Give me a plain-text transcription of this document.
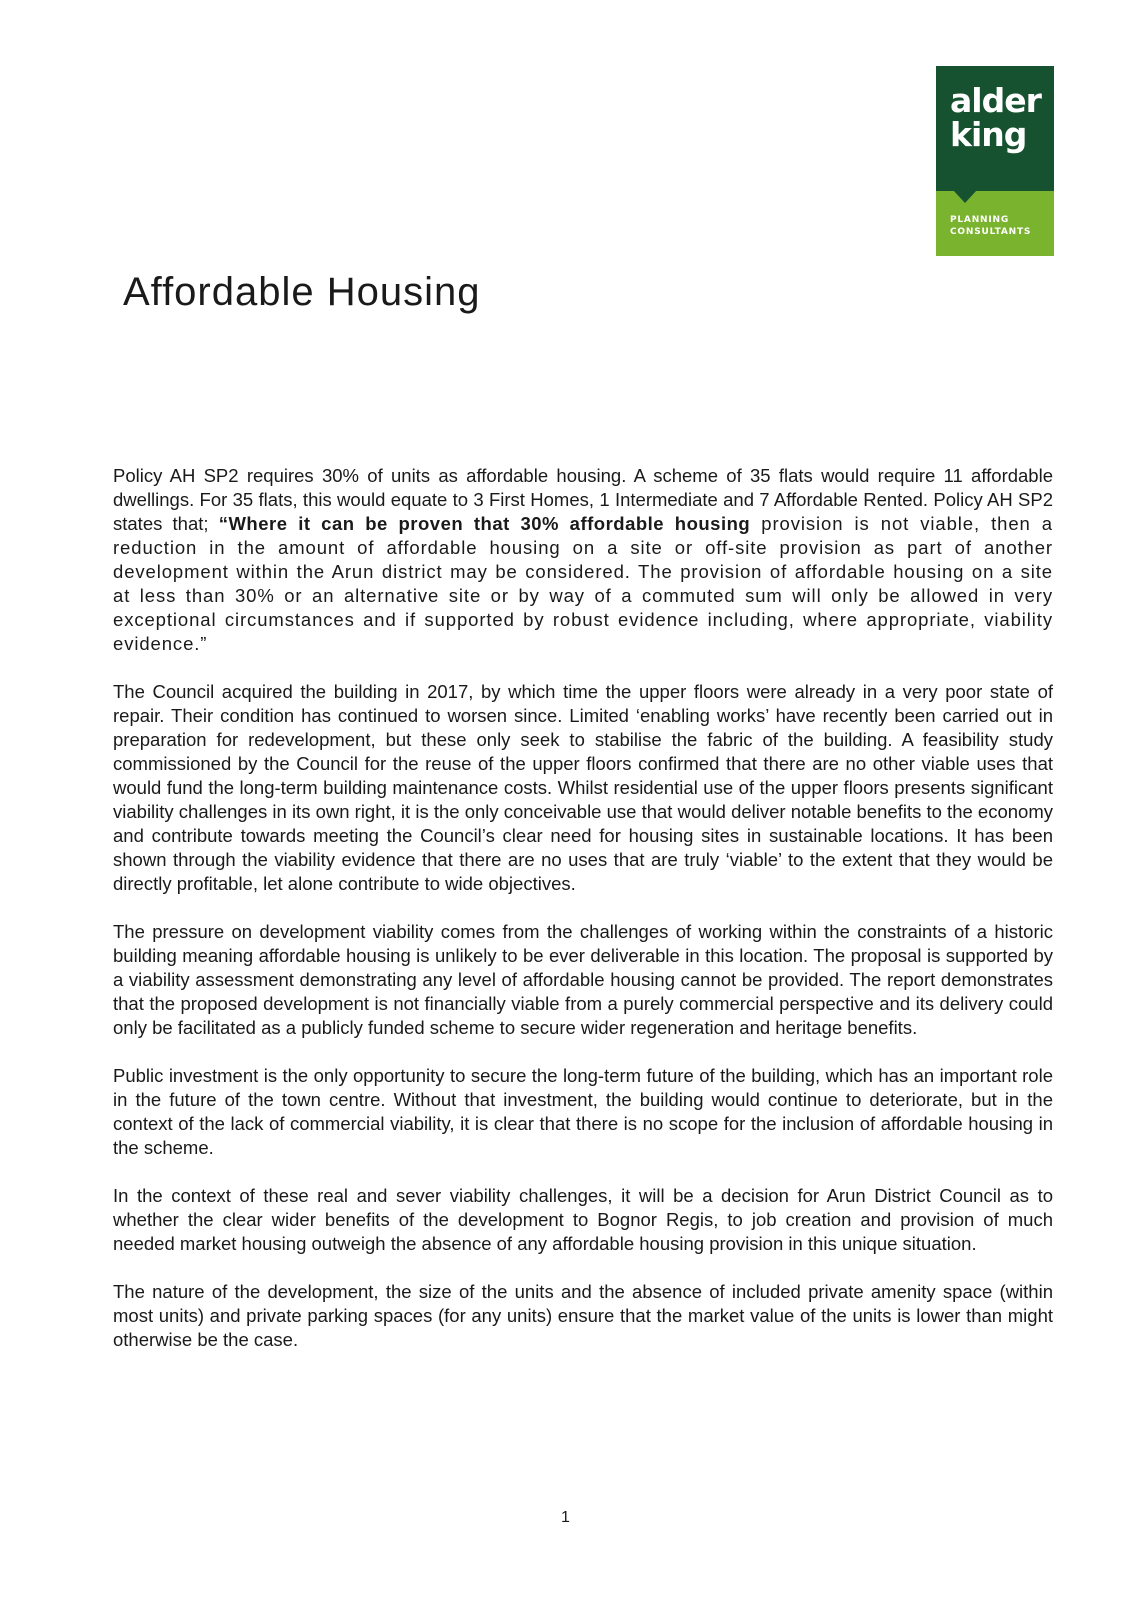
alder
king
PLANNING
CONSULTANTS
Affordable Housing

Policy AH SP2 requires 30% of units as affordable housing. A scheme of 35 flats would require 11 affordable dwellings. For 35 flats, this would equate to 3 First Homes, 1 Intermediate and 7 Affordable Rented. Policy AH SP2 states that; “Where it can be proven that 30% affordable housing provision is not viable, then a reduction in the amount of affordable housing on a site or off-site provision as part of another development within the Arun district may be considered. The provision of affordable housing on a site at less than 30% or an alternative site or by way of a commuted sum will only be allowed in very exceptional circumstances and if supported by robust evidence including, where appropriate, viability evidence.”

The Council acquired the building in 2017, by which time the upper floors were already in a very poor state of repair. Their condition has continued to worsen since. Limited ‘enabling works’ have recently been carried out in preparation for redevelopment, but these only seek to stabilise the fabric of the building. A feasibility study commissioned by the Council for the reuse of the upper floors confirmed that there are no other viable uses that would fund the long-term building maintenance costs. Whilst residential use of the upper floors presents significant viability challenges in its own right, it is the only conceivable use that would deliver notable benefits to the economy and contribute towards meeting the Council’s clear need for housing sites in sustainable locations. It has been shown through the viability evidence that there are no uses that are truly ‘viable’ to the extent that they would be directly profitable, let alone contribute to wide objectives.

The pressure on development viability comes from the challenges of working within the constraints of a historic building meaning affordable housing is unlikely to be ever deliverable in this location. The proposal is supported by a viability assessment demonstrating any level of affordable housing cannot be provided. The report demonstrates that the proposed development is not financially viable from a purely commercial perspective and its delivery could only be facilitated as a publicly funded scheme to secure wider regeneration and heritage benefits.

Public investment is the only opportunity to secure the long-term future of the building, which has an important role in the future of the town centre. Without that investment, the building would continue to deteriorate, but in the context of the lack of commercial viability, it is clear that there is no scope for the inclusion of affordable housing in the scheme.

In the context of these real and sever viability challenges, it will be a decision for Arun District Council as to whether the clear wider benefits of the development to Bognor Regis, to job creation and provision of much needed market housing outweigh the absence of any affordable housing provision in this unique situation.

The nature of the development, the size of the units and the absence of included private amenity space (within most units) and private parking spaces (for any units) ensure that the market value of the units is lower than might otherwise be the case.

1
